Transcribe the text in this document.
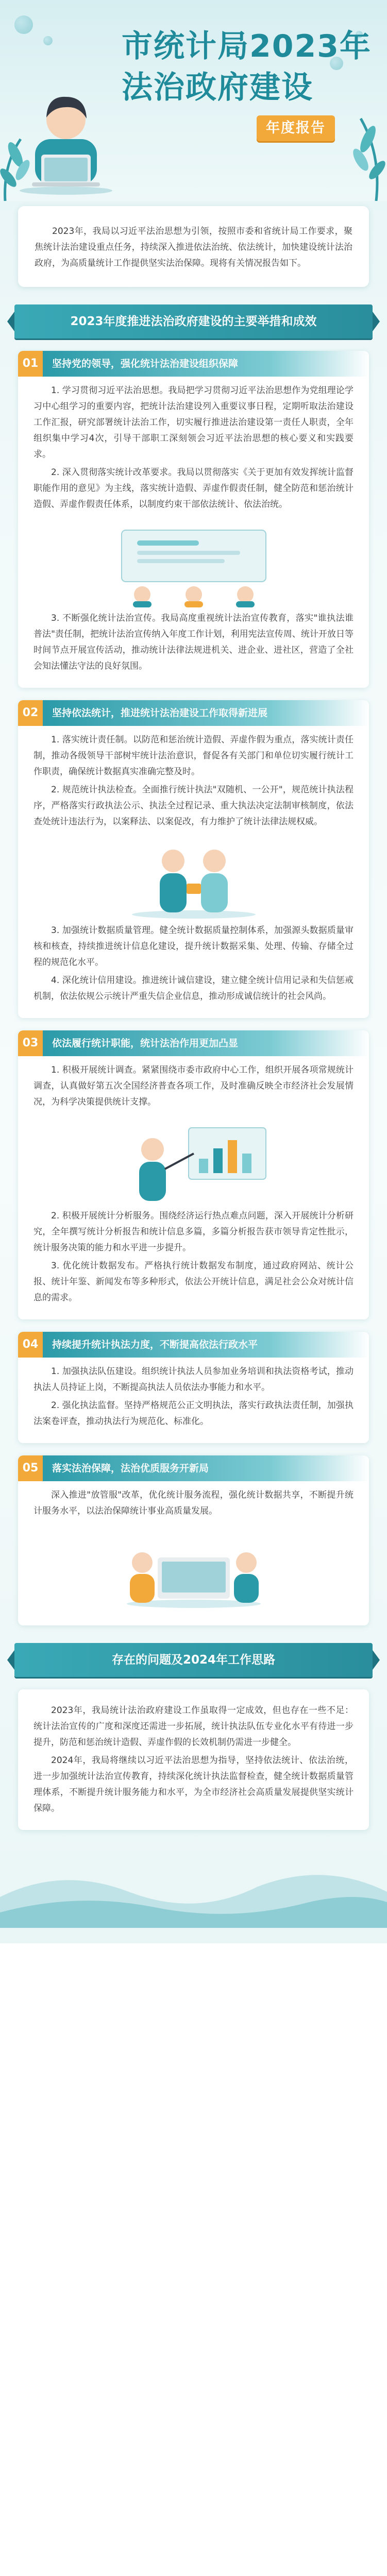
市统计局2023年
法治政府建设
年度报告
2023年，我局以习近平法治思想为引领，按照市委和省统计局工作要求，聚焦统计法治建设重点任务，持续深入推进依法治统、依法统计，加快建设统计法治政府，为高质量统计工作提供坚实法治保障。现将有关情况报告如下。
2023年度推进法治政府建设的主要举措和成效
01	坚持党的领导，强化统计法治建设组织保障

1. 学习贯彻习近平法治思想。我局把学习贯彻习近平法治思想作为党组理论学习中心组学习的重要内容，把统计法治建设列入重要议事日程，定期听取法治建设工作汇报，研究部署统计法治工作，切实履行推进法治建设第一责任人职责，全年组织集中学习4次，引导干部职工深刻领会习近平法治思想的核心要义和实践要求。

2. 深入贯彻落实统计改革要求。我局以贯彻落实《关于更加有效发挥统计监督职能作用的意见》为主线，落实统计造假、弄虚作假责任制，健全防范和惩治统计造假、弄虚作假责任体系，以制度约束干部依法统计、依法治统。

3. 不断强化统计法治宣传。我局高度重视统计法治宣传教育，落实"谁执法谁普法"责任制，把统计法治宣传纳入年度工作计划，利用宪法宣传周、统计开放日等时间节点开展宣传活动，推动统计法律法规进机关、进企业、进社区，营造了全社会知法懂法守法的良好氛围。

02	坚持依法统计，推进统计法治建设工作取得新进展

1. 落实统计责任制。以防范和惩治统计造假、弄虚作假为重点，落实统计责任制，推动各级领导干部树牢统计法治意识，督促各有关部门和单位切实履行统计工作职责，确保统计数据真实准确完整及时。

2. 规范统计执法检查。全面推行统计执法"双随机、一公开"，规范统计执法程序，严格落实行政执法公示、执法全过程记录、重大执法决定法制审核制度，依法查处统计违法行为，以案释法、以案促改，有力维护了统计法律法规权威。

3. 加强统计数据质量管理。健全统计数据质量控制体系，加强源头数据质量审核和核查，持续推进统计信息化建设，提升统计数据采集、处理、传输、存储全过程的规范化水平。

4. 深化统计信用建设。推进统计诚信建设，建立健全统计信用记录和失信惩戒机制，依法依规公示统计严重失信企业信息，推动形成诚信统计的社会风尚。

03	依法履行统计职能，统计法治作用更加凸显

1. 积极开展统计调查。紧紧围绕市委市政府中心工作，组织开展各项常规统计调查，认真做好第五次全国经济普查各项工作，及时准确反映全市经济社会发展情况，为科学决策提供统计支撑。

2. 积极开展统计分析服务。围绕经济运行热点难点问题，深入开展统计分析研究，全年撰写统计分析报告和统计信息多篇，多篇分析报告获市领导肯定性批示，统计服务决策的能力和水平进一步提升。

3. 优化统计数据发布。严格执行统计数据发布制度，通过政府网站、统计公报、统计年鉴、新闻发布等多种形式，依法公开统计信息，满足社会公众对统计信息的需求。

04	持续提升统计执法力度，不断提高依法行政水平

1. 加强执法队伍建设。组织统计执法人员参加业务培训和执法资格考试，推动执法人员持证上岗，不断提高执法人员依法办事能力和水平。

2. 强化执法监督。坚持严格规范公正文明执法，落实行政执法责任制，加强执法案卷评查，推动执法行为规范化、标准化。

05	落实法治保障，法治优质服务开新局

深入推进"放管服"改革，优化统计服务流程，强化统计数据共享，不断提升统计服务水平，以法治保障统计事业高质量发展。

存在的问题及2024年工作思路

2023年，我局统计法治政府建设工作虽取得一定成效，但也存在一些不足：统计法治宣传的广度和深度还需进一步拓展，统计执法队伍专业化水平有待进一步提升，防范和惩治统计造假、弄虚作假的长效机制仍需进一步健全。

2024年，我局将继续以习近平法治思想为指导，坚持依法统计、依法治统，进一步加强统计法治宣传教育，持续深化统计执法监督检查，健全统计数据质量管理体系，不断提升统计服务能力和水平，为全市经济社会高质量发展提供坚实统计保障。
